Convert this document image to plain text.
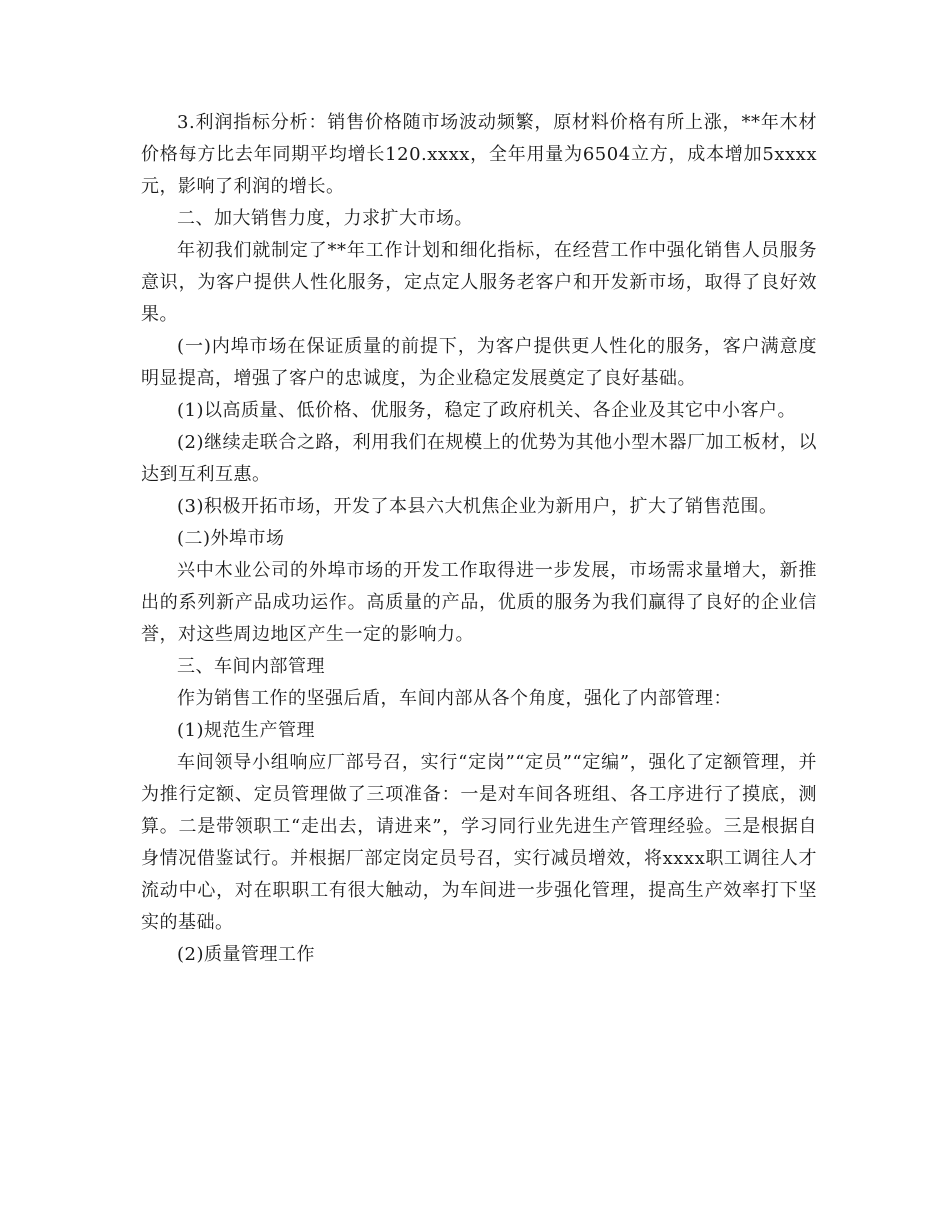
3.利润指标分析：销售价格随市场波动频繁，原材料价格有所上涨，**年木材价格每方比去年同期平均增长120.xxxx，全年用量为6504立方，成本增加5xxxx元，影响了利润的增长。

二、加大销售力度，力求扩大市场。

年初我们就制定了**年工作计划和细化指标，在经营工作中强化销售人员服务意识，为客户提供人性化服务，定点定人服务老客户和开发新市场，取得了良好效果。

(一)内埠市场在保证质量的前提下，为客户提供更人性化的服务，客户满意度明显提高，增强了客户的忠诚度，为企业稳定发展奠定了良好基础。

(1)以高质量、低价格、优服务，稳定了政府机关、各企业及其它中小客户。

(2)继续走联合之路，利用我们在规模上的优势为其他小型木器厂加工板材，以达到互利互惠。

(3)积极开拓市场，开发了本县六大机焦企业为新用户，扩大了销售范围。

(二)外埠市场

兴中木业公司的外埠市场的开发工作取得进一步发展，市场需求量增大，新推出的系列新产品成功运作。高质量的产品，优质的服务为我们赢得了良好的企业信誉，对这些周边地区产生一定的影响力。

三、车间内部管理

作为销售工作的坚强后盾，车间内部从各个角度，强化了内部管理：

(1)规范生产管理

车间领导小组响应厂部号召，实行“定岗”“定员”“定编”，强化了定额管理，并为推行定额、定员管理做了三项准备：一是对车间各班组、各工序进行了摸底，测算。二是带领职工“走出去，请进来”，学习同行业先进生产管理经验。三是根据自身情况借鉴试行。并根据厂部定岗定员号召，实行减员增效，将xxxx职工调往人才流动中心，对在职职工有很大触动，为车间进一步强化管理，提高生产效率打下坚实的基础。

(2)质量管理工作
